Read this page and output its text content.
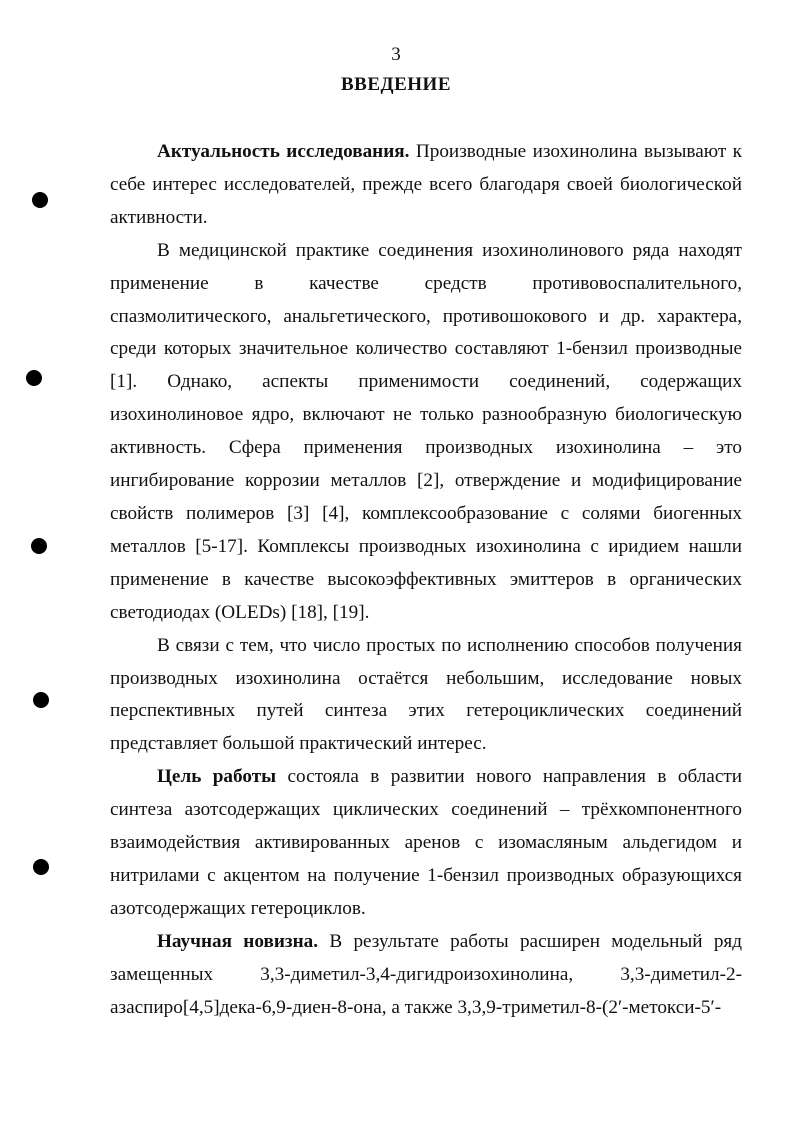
3
ВВЕДЕНИЕ

Актуальность исследования. Производные изохинолина вызывают к себе интерес исследователей, прежде всего благодаря своей биологической активности.

В медицинской практике соединения изохинолинового ряда находят применение в качестве средств противовоспалительного, спазмолитического, анальгетического, противошокового и др. характера, среди которых значительное количество составляют 1-бензил производные [1]. Однако, аспекты применимости соединений, содержащих изохинолиновое ядро, включают не только разнообразную биологическую активность. Сфера применения производных изохинолина – это ингибирование коррозии металлов [2], отверждение и модифицирование свойств полимеров [3] [4], комплексообразование с солями биогенных металлов [5-17]. Комплексы производных изохинолина с иридием нашли применение в качестве высокоэффективных эмиттеров в органических светодиодах (OLEDs) [18], [19].

В связи с тем, что число простых по исполнению способов получения производных изохинолина остаётся небольшим, исследование новых перспективных путей синтеза этих гетероциклических соединений представляет большой практический интерес.

Цель работы состояла в развитии нового направления в области синтеза азотсодержащих циклических соединений – трёхкомпонентного взаимодействия активированных аренов с изомасляным альдегидом и нитрилами с акцентом на получение 1-бензил производных образующихся азотсодержащих гетероциклов.

Научная новизна. В результате работы расширен модельный ряд замещенных 3,3-диметил-3,4-дигидроизохинолина, 3,3-диметил-2-азаспиро[4,5]дека-6,9-диен-8-она, а также 3,3,9-триметил-8-(2′-метокси-5′-
